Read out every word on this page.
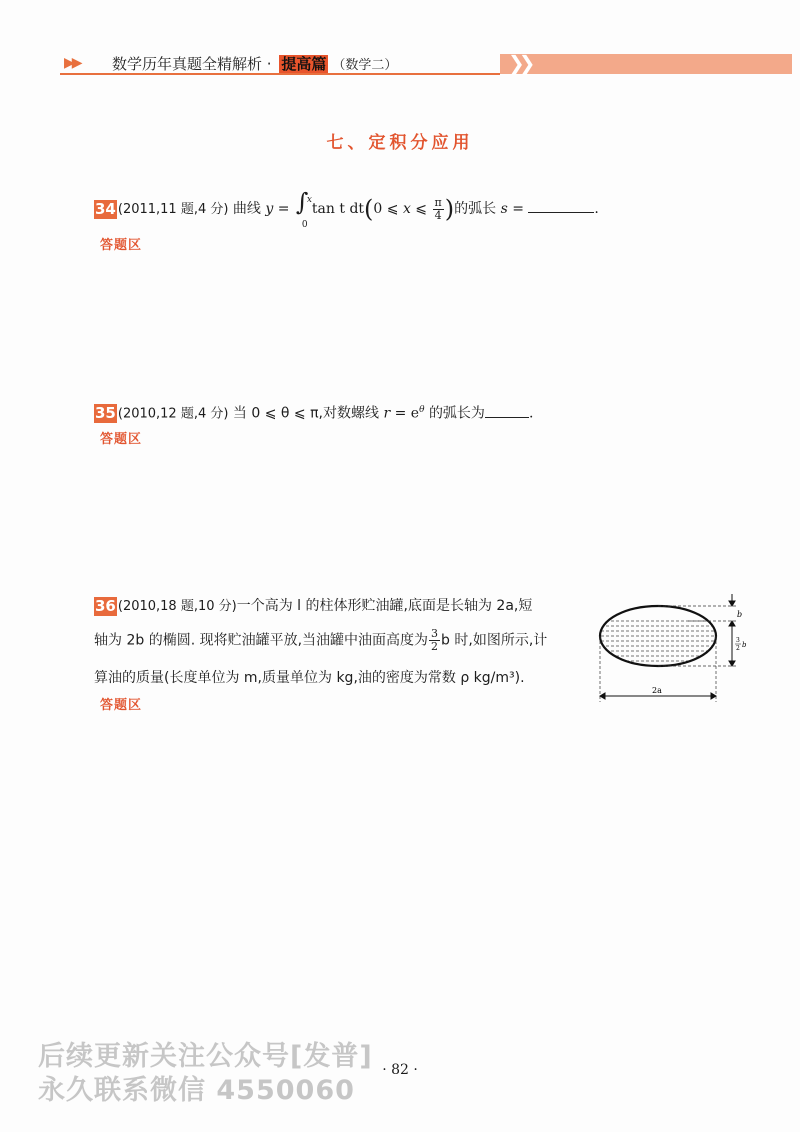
▶▶ 数学历年真题全精解析 · 提高篇 （数学二）	❯❯
七、定积分应用
34 (2011,11 题,4 分) 曲线 y = ∫
x
0
tan t dt(0 ⩽ x ⩽ $\frac{\pi}{4}$ )的弧长 s =	.
答题区
35 (2010,12 题,4 分) 当 0 ⩽ θ ⩽ π,对数螺线 $r = e^\theta$ 的弧长为	.
答题区
36 (2010,18 题,10 分)一个高为 l 的柱体形贮油罐,底面是长轴为 2a,短
轴为 2b 的椭圆. 现将贮油罐平放,当油罐中油面高度为 $\frac{3}{2}$ b 时,如图所示,计
算油的质量(长度单位为 m,质量单位为 kg,油的密度为常数 ρ kg/m³).
答题区
b
3
2 b
2a
· 82 ·
后续更新关注公众号[发普]
永久联系微信 4550060
